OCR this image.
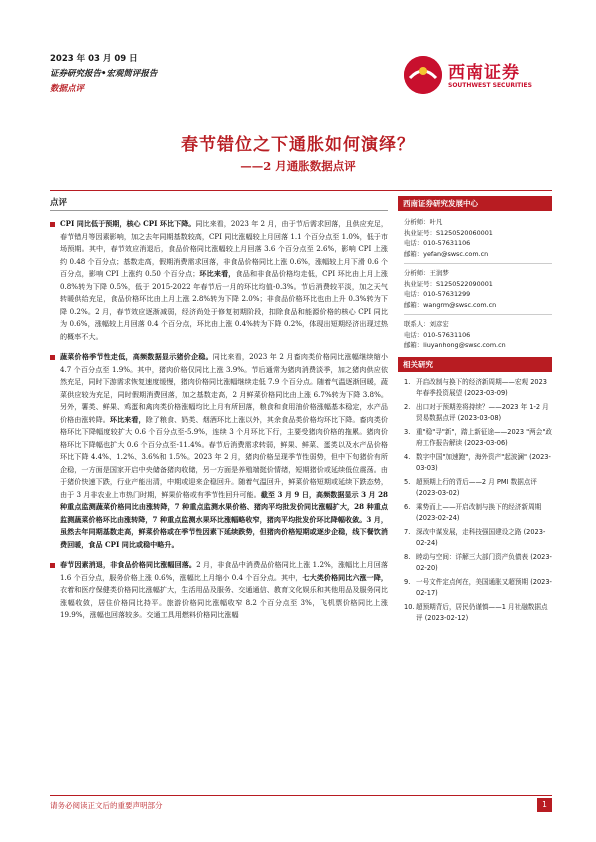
2023 年 03 月 09 日
证券研究报告•宏观简评报告
数据点评
西南证券
SOUTHWEST SECURITIES
春节错位之下通胀如何演绎？
——2 月通胀数据点评
点评

CPI 同比低于预期，核心 CPI 环比下降。同比来看，2023 年 2 月，由于节后需求回落，且供应充足，春节错月等因素影响，加之去年同期基数较高，CPI 同比涨幅较上月回落 1.1 个百分点至 1.0%，低于市场预期。其中，春节效应消退后，食品价格同比涨幅较上月回落 3.6 个百分点至 2.6%，影响 CPI 上涨约 0.48 个百分点；基数走高，假期消费需求回落，非食品价格同比上涨 0.6%，涨幅较上月下滑 0.6 个百分点，影响 CPI 上涨约 0.50 个百分点；环比来看，食品和非食品价格均走低，CPI 环比由上月上涨 0.8%转为下降 0.5%，低于 2015-2022 年春节后一月的环比均值-0.3%。节后消费较平淡，加之天气转暖供给充足，食品价格环比由上月上涨 2.8%转为下降 2.0%；非食品价格环比也由上升 0.3%转为下降 0.2%。2 月，春节效应逐渐减弱，经济尚处于修复初期阶段，扣除食品和能源价格的核心 CPI 同比为 0.6%，涨幅较上月回落 0.4 个百分点，环比由上涨 0.4%转为下降 0.2%，体现出短期经济出现过热的概率不大。

蔬菜价格季节性走低，高频数据显示猪价企稳。同比来看，2023 年 2 月畜肉类价格同比涨幅继续缩小 4.7 个百分点至 1.9%。其中，猪肉价格仅同比上涨 3.9%。节后通常为猪肉消费淡季，加之猪肉供应依然充足，同时下游需求恢复速度缓慢，猪肉价格同比涨幅继续走低 7.9 个百分点。随着气温逐渐回暖，蔬菜供应较为充足，同时假期消费回落，加之基数走高，2 月鲜菜价格同比由上涨 6.7%转为下降 3.8%。另外，薯类、鲜果、鸡蛋和禽肉类价格涨幅均比上月有所回落，粮食和食用油价格涨幅基本稳定，水产品价格由涨转降。环比来看，除了粮食、奶类、烟酒环比上涨以外，其余食品类价格均环比下降。畜肉类价格环比下降幅度较扩大 0.6 个百分点至-5.9%，连续 3 个月环比下行，主要受猪肉价格的拖累。猪肉价格环比下降幅也扩大 0.6 个百分点至-11.4%。春节后消费需求转弱，鲜果、鲜菜、蛋类以及水产品价格环比下降 4.4%、1.2%、3.6%和 1.5%。2023 年 2 月，猪肉价格呈现季节性弱势，但中下旬猪价有所企稳，一方面是国家开启中央储备猪肉收储，另一方面是养殖端挺价情绪，短期猪价或延续低位震荡。由于猪价快速下跌，行业产能出清，中期或迎来企稳回升。随着气温回升，鲜菜价格短期或延续下跌态势，由于 3 月非农业上市热门时期，鲜果价格或有季节性回升可能。截至 3 月 9 日，高频数据显示 3 月 28 种重点监测蔬菜价格同比由涨转降，7 种重点监测水果价格、猪肉平均批发价同比涨幅扩大，28 种重点监测蔬菜价格环比由涨转降，7 种重点监测水果环比涨幅略收窄，猪肉平均批发价环比降幅收敛。3 月，虽然去年同期基数走高，鲜菜价格或在季节性因素下延续跌势，但猪肉价格短期或逐步企稳，线下餐饮消费回暖，食品 CPI 同比或稳中略升。

春节因素消退，非食品价格同比涨幅回落。2 月，非食品中消费品价格同比上涨 1.2%，涨幅比上月回落 1.6 个百分点，服务价格上涨 0.6%，涨幅比上月缩小 0.4 个百分点。其中，七大类价格同比六涨一降，衣着和医疗保健类价格同比涨幅扩大，生活用品及服务、交通通信、教育文化娱乐和其他用品及服务同比涨幅收敛，居住价格同比持平。旅游价格同比涨幅收窄 8.2 个百分点至 3%，飞机票价格同比上涨 19.9%，涨幅也回落较多。交通工具用燃料价格同比涨幅

西南证券研究发展中心
分析师：叶凡
执业证号：S1250520060001
电话：010-57631106
邮箱：yefan@swsc.com.cn
分析师：王润梦
执业证号：S1250522090001
电话：010-57631299
邮箱：wangrm@swsc.com.cn
联系人：刘彦宏
电话：010-57631106
邮箱：liuyanhong@swsc.com.cn
相关研究
1. 开启改制与换下的经济新周期——宏观 2023 年春季投资展望 (2023-03-09)
2. 出口对于预期差将持续？——2023 年 1-2 月贸易数据点评 (2023-03-08)
3. 重"稳"寻"新"，踏上新征途——2023 "两会"政府工作报告解读 (2023-03-06)
4. 数字中国"加速跑"，海外资产"起波澜" (2023-03-03)
5. 超预期上行的背后——2 月 PMI 数据点评 (2023-03-02)
6. 乘势而上——开启改制与换下的经济新周期 (2023-02-24)
7. 深改中谋发展，走科技强国建设之路 (2023-02-24)
8. 睦动与空间：详解三大部门资产负债表 (2023-02-20)
9. 一号文件定点何在，美国通胀又超预期 (2023-02-17)
10. 超预期背后，居民仍谨慎——1 月社融数据点评 (2023-02-12)
请务必阅读正文后的重要声明部分	1
